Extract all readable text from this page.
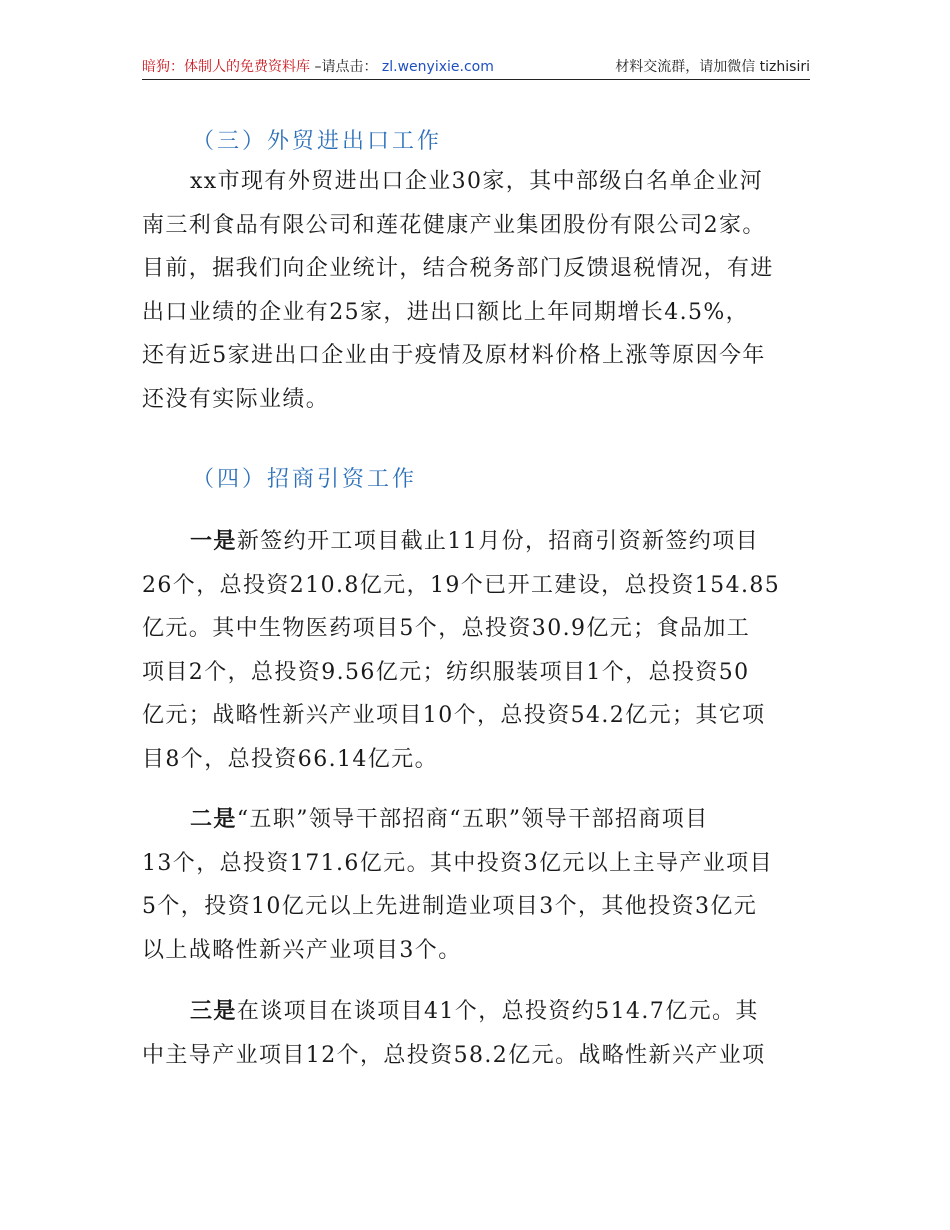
暗狗：体制人的免费资料库 –请点击： zl.wenyixie.com	材料交流群，请加微信 tizhisiri
（三）外贸进出口工作
xx市现有外贸进出口企业30家，其中部级白名单企业河
南三利食品有限公司和莲花健康产业集团股份有限公司2家。
目前，据我们向企业统计，结合税务部门反馈退税情况，有进
出口业绩的企业有25家，进出口额比上年同期增长4.5%，
还有近5家进出口企业由于疫情及原材料价格上涨等原因今年
还没有实际业绩。
（四）招商引资工作
一是新签约开工项目截止11月份，招商引资新签约项目
26个，总投资210.8亿元，19个已开工建设，总投资154.85
亿元。其中生物医药项目5个，总投资30.9亿元；食品加工
项目2个，总投资9.56亿元；纺织服装项目1个，总投资50
亿元；战略性新兴产业项目10个，总投资54.2亿元；其它项
目8个，总投资66.14亿元。
二是“五职”领导干部招商“五职”领导干部招商项目
13个，总投资171.6亿元。其中投资3亿元以上主导产业项目
5个，投资10亿元以上先进制造业项目3个，其他投资3亿元
以上战略性新兴产业项目3个。
三是在谈项目在谈项目41个，总投资约514.7亿元。其
中主导产业项目12个，总投资58.2亿元。战略性新兴产业项
